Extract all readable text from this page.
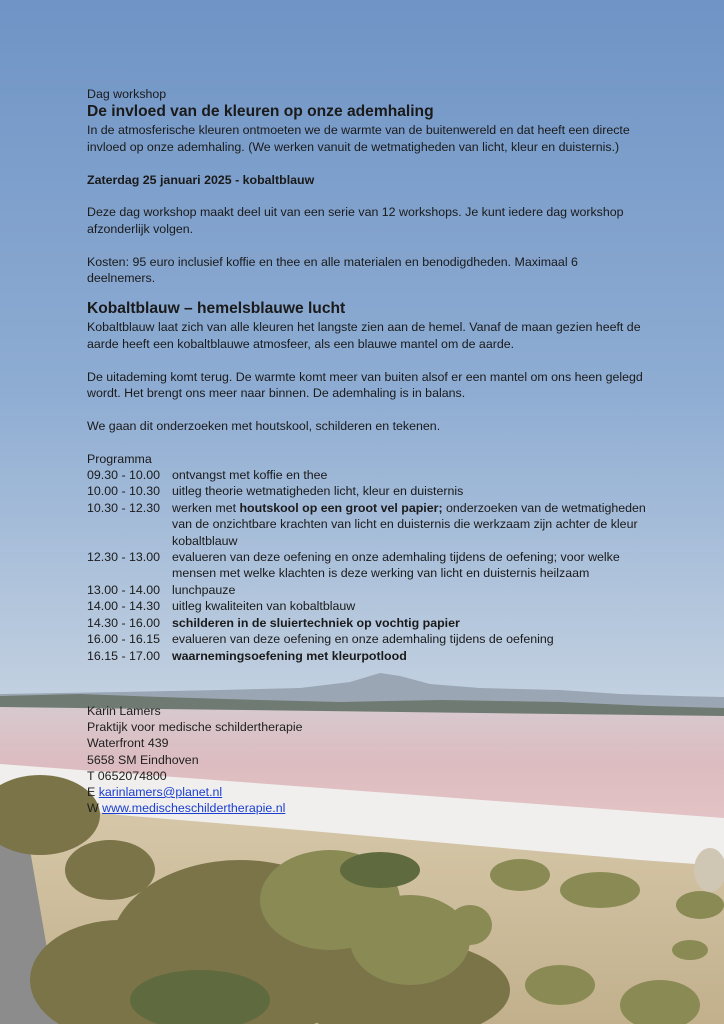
Dag workshop

De invloed van de kleuren op onze ademhaling

In de atmosferische kleuren ontmoeten we de warmte van de buitenwereld en dat heeft een directe invloed op onze ademhaling. (We werken vanuit de wetmatigheden van licht, kleur en duisternis.)

Zaterdag 25 januari 2025 - kobaltblauw

Deze dag workshop maakt deel uit van een serie van 12 workshops. Je kunt iedere dag workshop afzonderlijk volgen.

Kosten: 95 euro inclusief koffie en thee en alle materialen en benodigdheden. Maximaal 6 deelnemers.

Kobaltblauw – hemelsblauwe lucht

Kobaltblauw laat zich van alle kleuren het langste zien aan de hemel. Vanaf de maan gezien heeft de aarde heeft een kobaltblauwe atmosfeer, als een blauwe mantel om de aarde.

De uitademing komt terug. De warmte komt meer van buiten alsof er een mantel om ons heen gelegd wordt. Het brengt ons meer naar binnen. De ademhaling is in balans.

We gaan dit onderzoeken met houtskool, schilderen en tekenen.

Programma

09.30 - 10.00 ontvangst met koffie en thee
10.00 - 10.30 uitleg theorie wetmatigheden licht, kleur en duisternis
10.30 - 12.30 werken met houtskool op een groot vel papier; onderzoeken van de wetmatigheden van de onzichtbare krachten van licht en duisternis die werkzaam zijn achter de kleur kobaltblauw
12.30 - 13.00 evalueren van deze oefening en onze ademhaling tijdens de oefening; voor welke mensen met welke klachten is deze werking van licht en duisternis heilzaam
13.00 - 14.00 lunchpauze
14.00 - 14.30 uitleg kwaliteiten van kobaltblauw
14.30 - 16.00 schilderen in de sluiertechniek op vochtig papier
16.00 - 16.15 evalueren van deze oefening en onze ademhaling tijdens de oefening
16.15 - 17.00 waarnemingsoefening met kleurpotlood
Karin Lamers
Praktijk voor medische schildertherapie
Waterfront 439
5658 SM Eindhoven
T 0652074800
E karinlamers@planet.nl
W www.medischeschildertherapie.nl
